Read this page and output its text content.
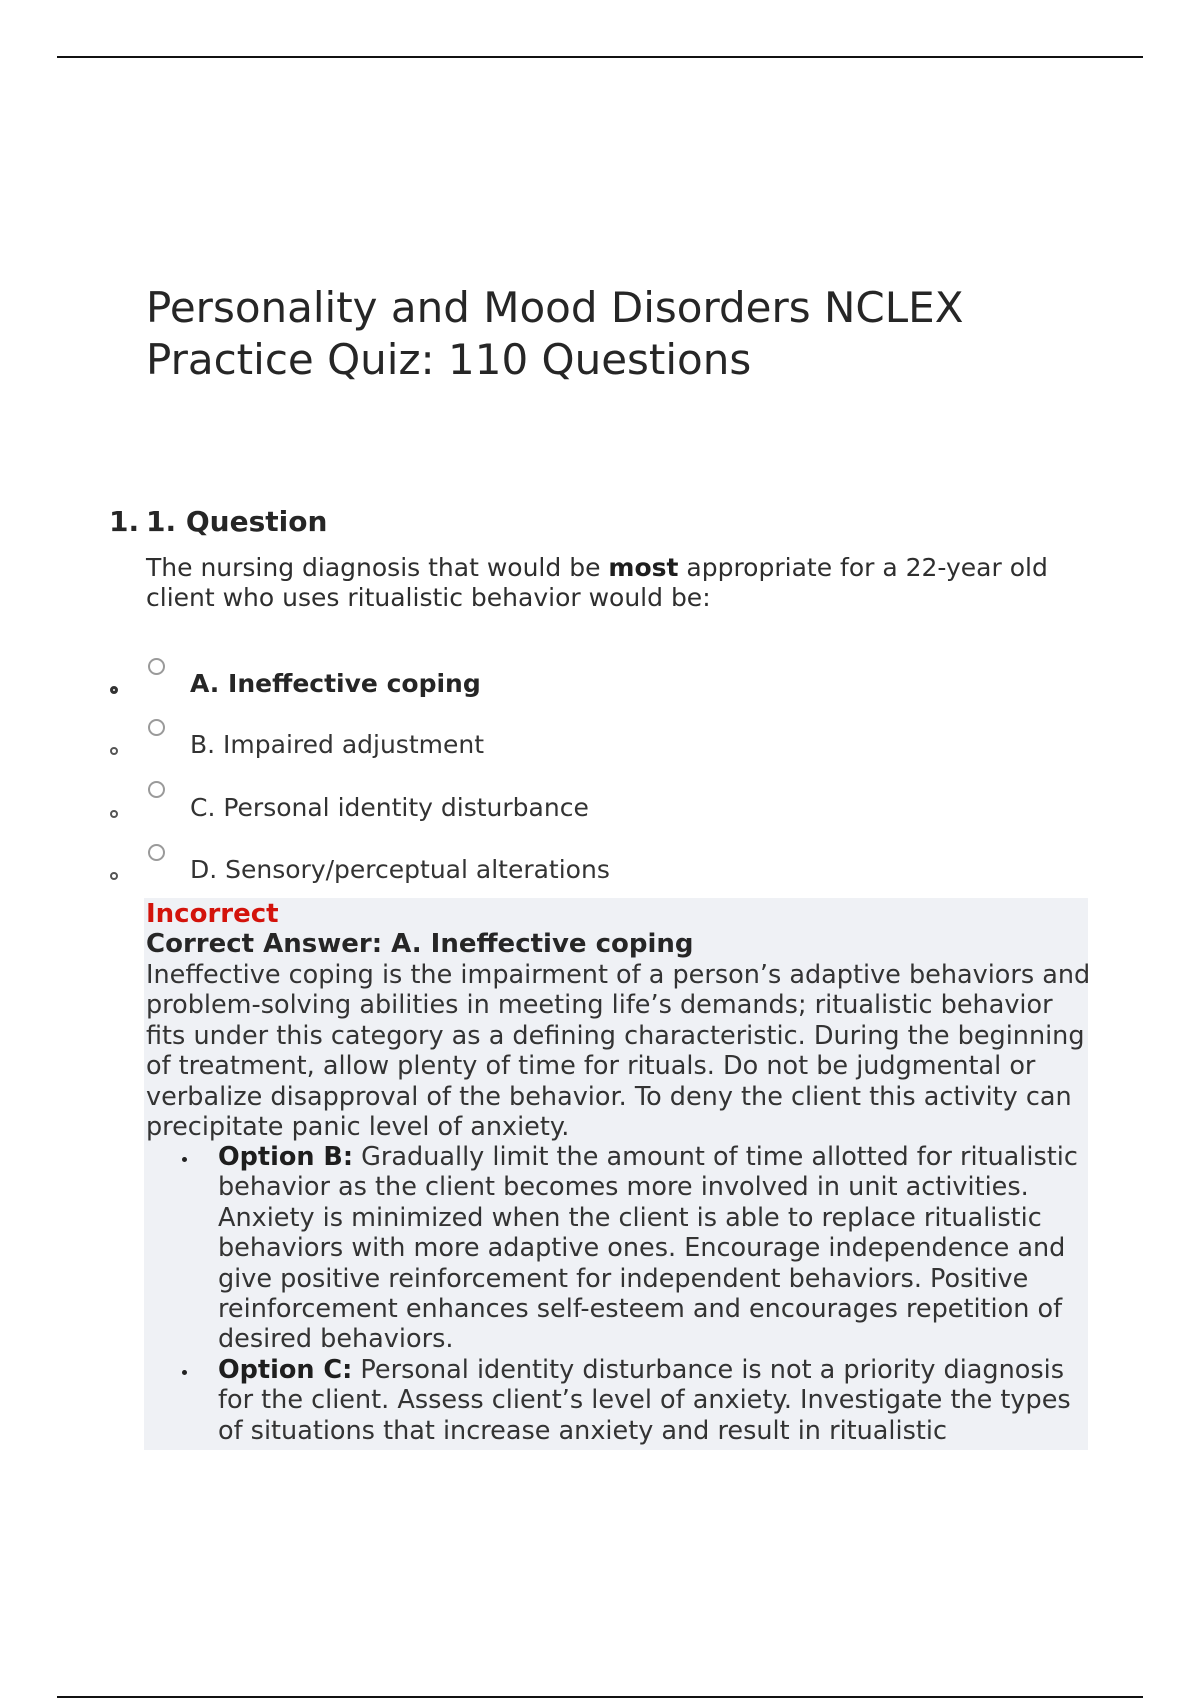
Personality and Mood Disorders NCLEX Practice Quiz: 110 Questions
1. 1. Question

The nursing diagnosis that would be most appropriate for a 22-year old client who uses ritualistic behavior would be:

A. Ineffective coping
B. Impaired adjustment
C. Personal identity disturbance
D. Sensory/perceptual alterations

Incorrect

Correct Answer: A. Ineffective coping

Ineffective coping is the impairment of a person’s adaptive behaviors and problem-solving abilities in meeting life’s demands; ritualistic behavior fits under this category as a defining characteristic. During the beginning of treatment, allow plenty of time for rituals. Do not be judgmental or verbalize disapproval of the behavior. To deny the client this activity can precipitate panic level of anxiety.

Option B: Gradually limit the amount of time allotted for ritualistic behavior as the client becomes more involved in unit activities. Anxiety is minimized when the client is able to replace ritualistic behaviors with more adaptive ones. Encourage independence and give positive reinforcement for independent behaviors. Positive reinforcement enhances self-esteem and encourages repetition of desired behaviors.
Option C: Personal identity disturbance is not a priority diagnosis for the client. Assess client’s level of anxiety. Investigate the types of situations that increase anxiety and result in ritualistic
